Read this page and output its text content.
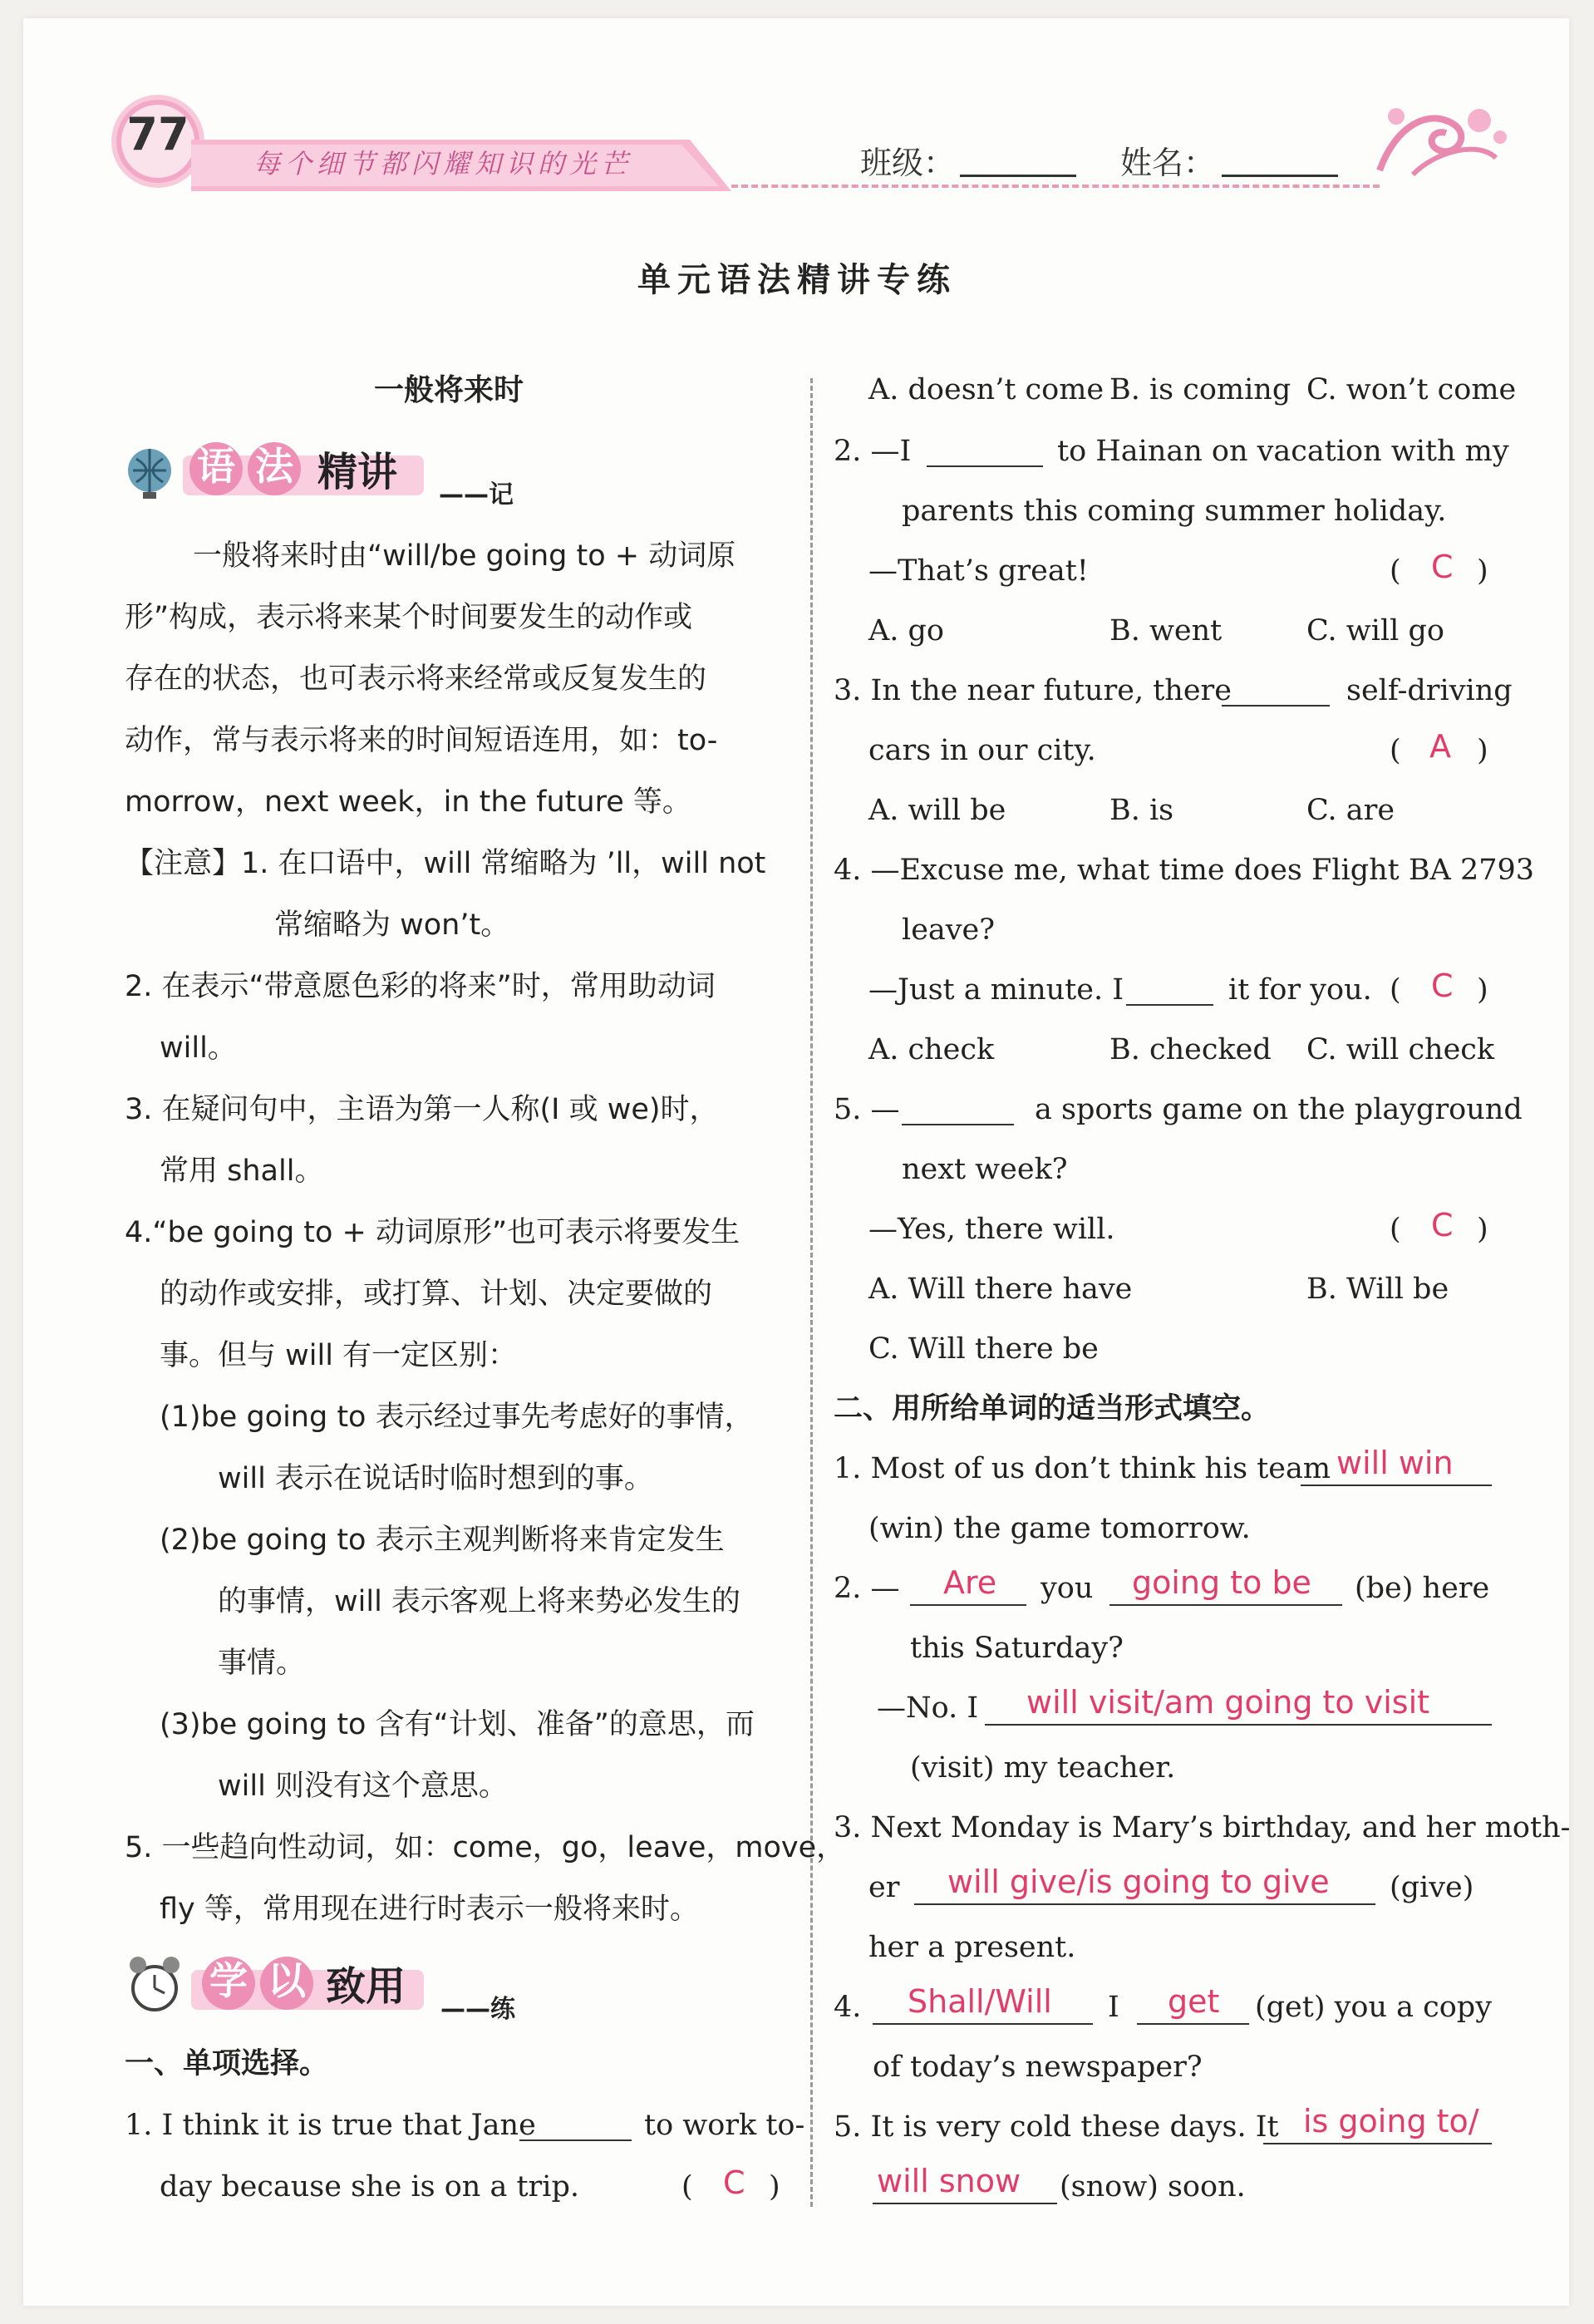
77
每个细节都闪耀知识的光芒	班级：	姓名：
单元语法精讲专练
一般将来时
语 法 精讲 ——记
一般将来时由“will/be going to + 动词原
形”构成，表示将来某个时间要发生的动作或
存在的状态，也可表示将来经常或反复发生的
动作，常与表示将来的时间短语连用，如：to-
morrow，next week，in the future 等。
【注意】1. 在口语中，will 常缩略为 ’ll，will not
常缩略为 won’t。
2. 在表示“带意愿色彩的将来”时，常用助动词
will。
3. 在疑问句中，主语为第一人称(I 或 we)时，
常用 shall。
4.“be going to + 动词原形”也可表示将要发生
的动作或安排，或打算、计划、决定要做的
事。但与 will 有一定区别：
(1)be going to 表示经过事先考虑好的事情，
will 表示在说话时临时想到的事。
(2)be going to 表示主观判断将来肯定发生
的事情，will 表示客观上将来势必发生的
事情。
(3)be going to 含有“计划、准备”的意思，而
will 则没有这个意思。
5. 一些趋向性动词，如：come，go，leave，move，
fly 等，常用现在进行时表示一般将来时。
学 以 致用 ——练
一、单项选择。
1. I think it is true that Jane	to work to-
day because she is on a trip.	( C )
A. doesn’t come B. is coming C. won’t come
2. —I	to Hainan on vacation with my
parents this coming summer holiday.
—That’s great!	( C )
A. go	B. went	C. will go
3. In the near future, there	self-driving
cars in our city.	( A )
A. will be	B. is	C. are
4. —Excuse me, what time does Flight BA 2793
leave?
—Just a minute. I	it for you. ( C )
A. check	B. checked C. will check
5. —	a sports game on the playground
next week?
—Yes, there will.	( C )
A. Will there have	B. Will be
C. Will there be
二、用所给单词的适当形式填空。
1. Most of us don’t think his team will win
(win) the game tomorrow.
2. — Are you going to be (be) here
this Saturday?
—No. I will visit/am going to visit
(visit) my teacher.
3. Next Monday is Mary’s birthday, and her moth-
er will give/is going to give (give)
her a present.
4. Shall/Will I get (get) you a copy
of today’s newspaper?
5. It is very cold these days. It is going to/
will snow (snow) soon.
